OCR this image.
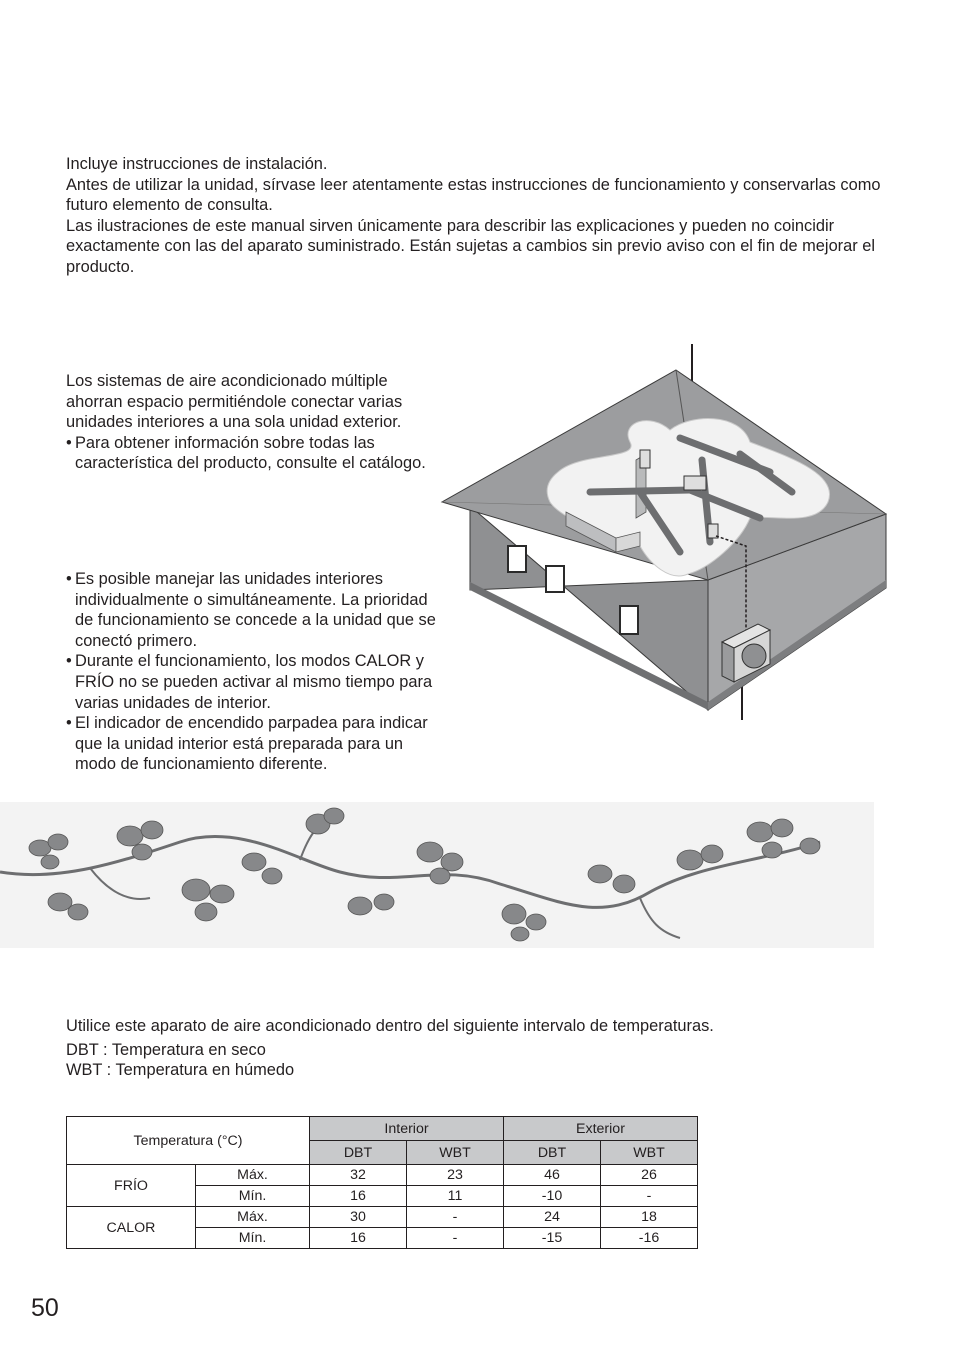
Incluye instrucciones de instalación.

Antes de utilizar la unidad, sírvase leer atentamente estas instrucciones de funcionamiento y conservarlas como futuro elemento de consulta.

Las ilustraciones de este manual sirven únicamente para describir las explicaciones y pueden no coincidir exactamente con las del aparato suministrado. Están sujetas a cambios sin previo aviso con el fin de mejorar el producto.

Los sistemas de aire acondicionado múltiple ahorran espacio permitiéndole conectar varias unidades interiores a una sola unidad exterior.

• Para obtener información sobre todas las característica del producto, consulte el catálogo.
• Es posible manejar las unidades interiores individualmente o simultáneamente. La prioridad de funcionamiento se concede a la unidad que se conectó primero.
• Durante el funcionamiento, los modos CALOR y FRÍO no se pueden activar al mismo tiempo para varias unidades de interior.
• El indicador de encendido parpadea para indicar que la unidad interior está preparada para un modo de funcionamiento diferente.

Utilice este aparato de aire acondicionado dentro del siguiente intervalo de temperaturas.

DBT : Temperatura en seco

WBT : Temperatura en húmedo

Temperatura (°C)		Interior		Exterior	
		DBT	WBT	DBT	WBT
FRÍO	Máx.	32	23	46	26
	Mín.	16	11	-10	-
CALOR	Máx.	30	-	24	18
	Mín.	16	-	-15	-16
50
